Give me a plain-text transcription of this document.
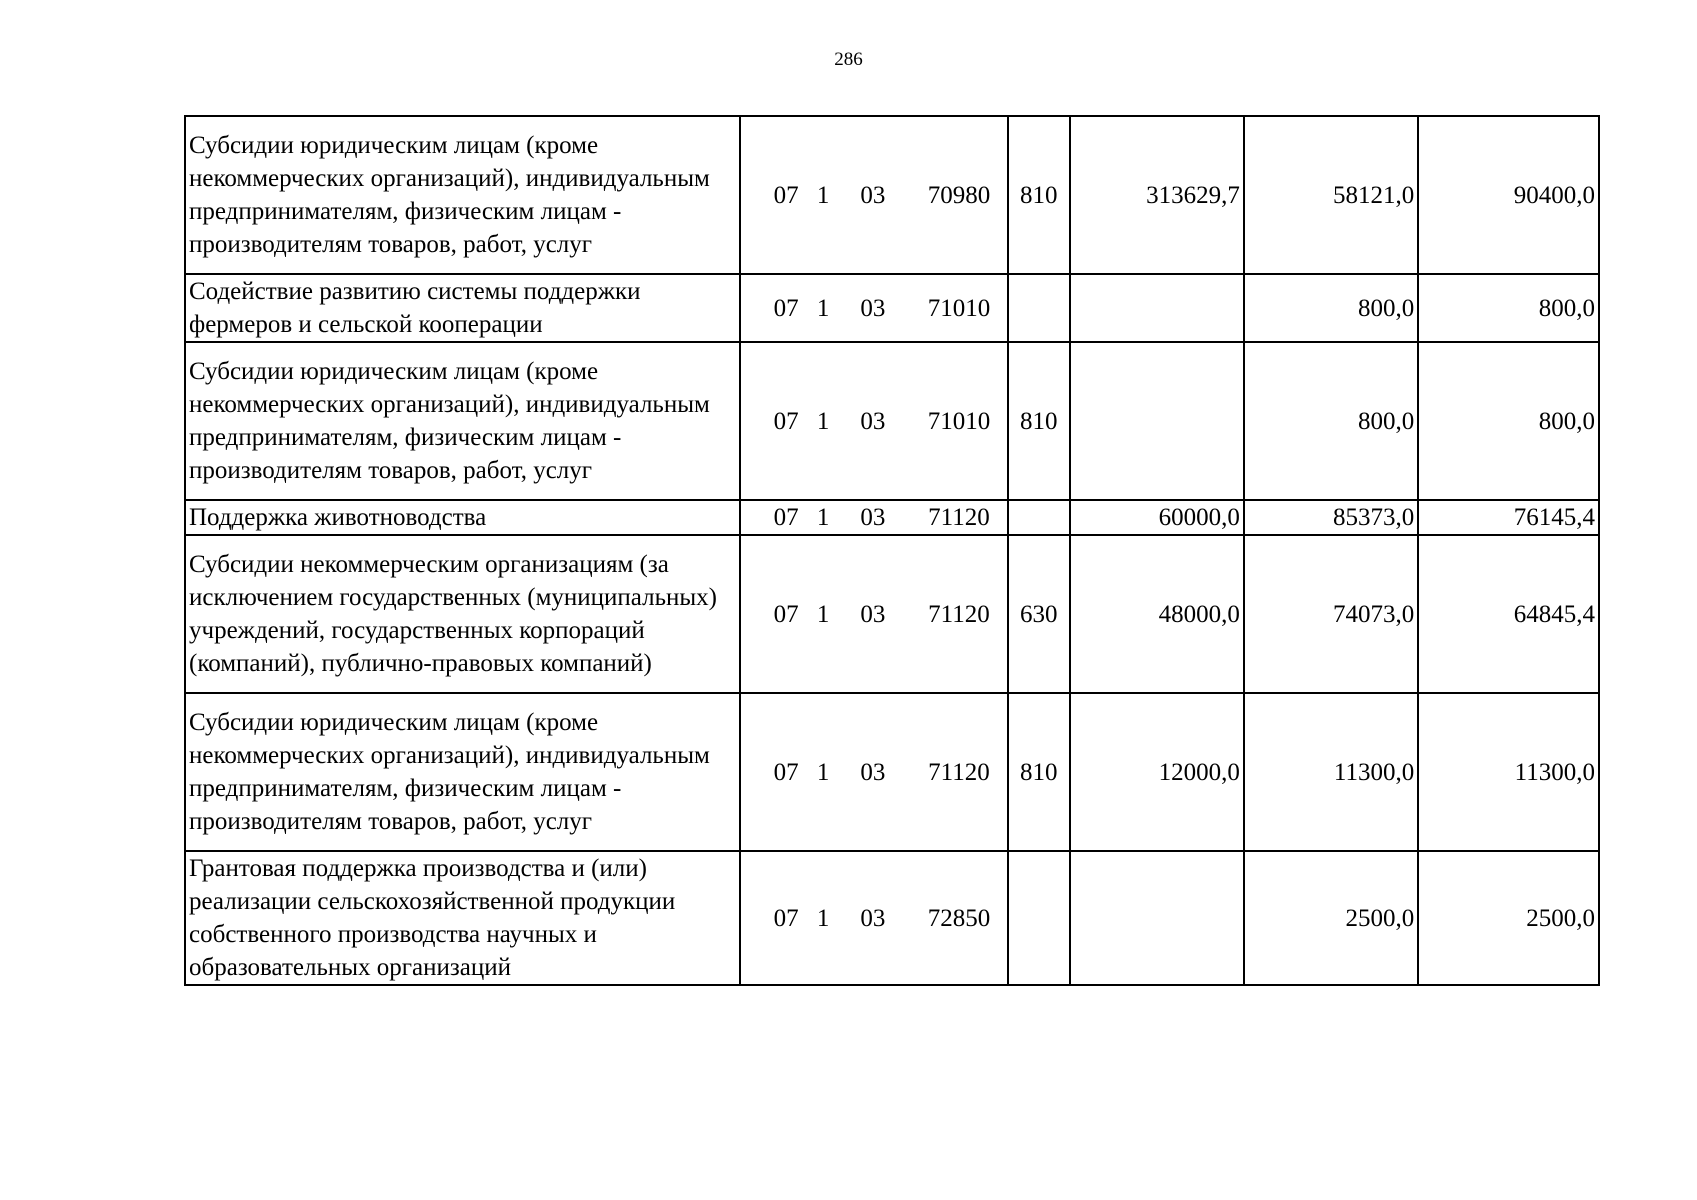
286
Субсидии юридическим лицам (кроме некоммерческих организаций), индивидуальным предпринимателям, физическим лицам - производителям товаров, работ, услуг	07 1 03 70980	810	313629,7	58121,0	90400,0
Содействие развитию системы поддержки фермеров и сельской кооперации	07 1 03 71010			800,0	800,0
Субсидии юридическим лицам (кроме некоммерческих организаций), индивидуальным предпринимателям, физическим лицам - производителям товаров, работ, услуг	07 1 03 71010	810		800,0	800,0
Поддержка животноводства	07 1 03 71120		60000,0	85373,0	76145,4
Субсидии некоммерческим организациям (за исключением государственных (муниципальных) учреждений, государственных корпораций (компаний), публично-правовых компаний)	07 1 03 71120	630	48000,0	74073,0	64845,4
Субсидии юридическим лицам (кроме некоммерческих организаций), индивидуальным предпринимателям, физическим лицам - производителям товаров, работ, услуг	07 1 03 71120	810	12000,0	11300,0	11300,0
Грантовая поддержка производства и (или) реализации сельскохозяйственной продукции собственного производства научных и образовательных организаций	07 1 03 72850			2500,0	2500,0
